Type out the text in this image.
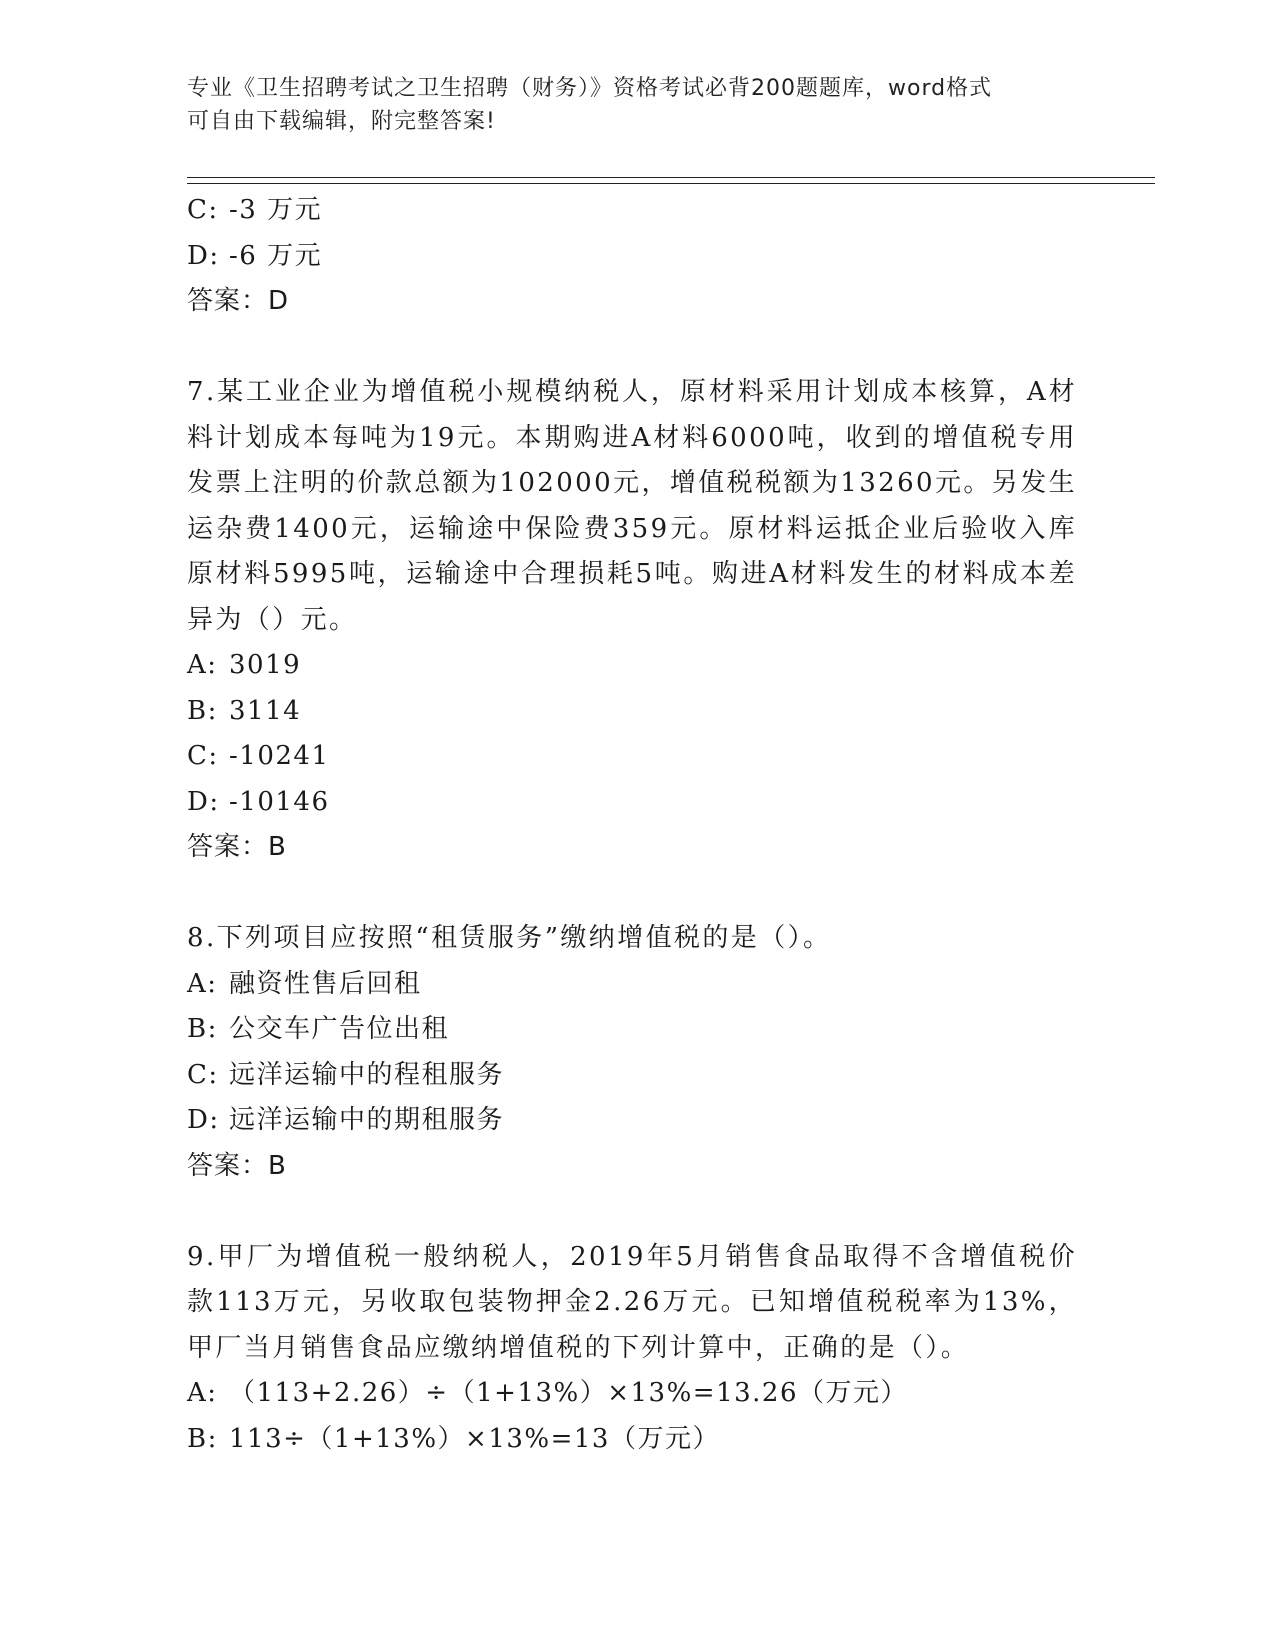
专业《卫生招聘考试之卫生招聘（财务）》资格考试必背200题题库，word格式
可自由下载编辑，附完整答案!
C: -3 万元
D: -6 万元
答案：D
7.某工业企业为增值税小规模纳税人，原材料采用计划成本核算，A材料计划成本每吨为19元。本期购进A材料6000吨，收到的增值税专用发票上注明的价款总额为102000元，增值税税额为13260元。另发生运杂费1400元，运输途中保险费359元。原材料运抵企业后验收入库原材料5995吨，运输途中合理损耗5吨。购进A材料发生的材料成本差异为（）元。
A: 3019
B: 3114
C: -10241
D: -10146
答案：B
8.下列项目应按照“租赁服务”缴纳增值税的是（）。
A: 融资性售后回租
B: 公交车广告位出租
C: 远洋运输中的程租服务
D: 远洋运输中的期租服务
答案：B
9.甲厂为增值税一般纳税人，2019年5月销售食品取得不含增值税价款113万元，另收取包装物押金2.26万元。已知增值税税率为13%，甲厂当月销售食品应缴纳增值税的下列计算中，正确的是（）。
A: （113+2.26）÷（1+13%）×13%=13.26（万元）
B: 113÷（1+13%）×13%=13（万元）
